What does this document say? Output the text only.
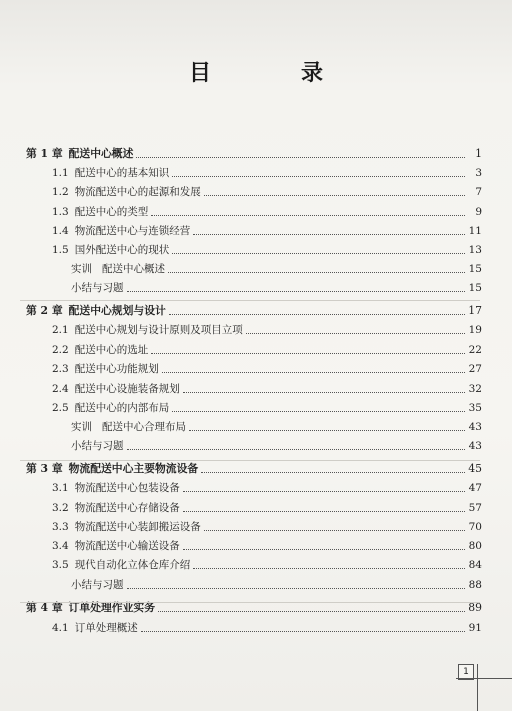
目　录
第 1 章 配送中心概述	1
1.1 配送中心的基本知识	3
1.2 物流配送中心的起源和发展	7
1.3 配送中心的类型	9
1.4 物流配送中心与连锁经营	11
1.5 国外配送中心的现状	13
实训 配送中心概述	15
小结与习题	15
第 2 章 配送中心规划与设计	17
2.1 配送中心规划与设计原则及项目立项	19
2.2 配送中心的选址	22
2.3 配送中心功能规划	27
2.4 配送中心设施装备规划	32
2.5 配送中心的内部布局	35
实训 配送中心合理布局	43
小结与习题	43
第 3 章 物流配送中心主要物流设备	45
3.1 物流配送中心包装设备	47
3.2 物流配送中心存储设备	57
3.3 物流配送中心装卸搬运设备	70
3.4 物流配送中心输送设备	80
3.5 现代自动化立体仓库介绍	84
小结与习题	88
第 4 章 订单处理作业实务	89
4.1 订单处理概述	91
1
